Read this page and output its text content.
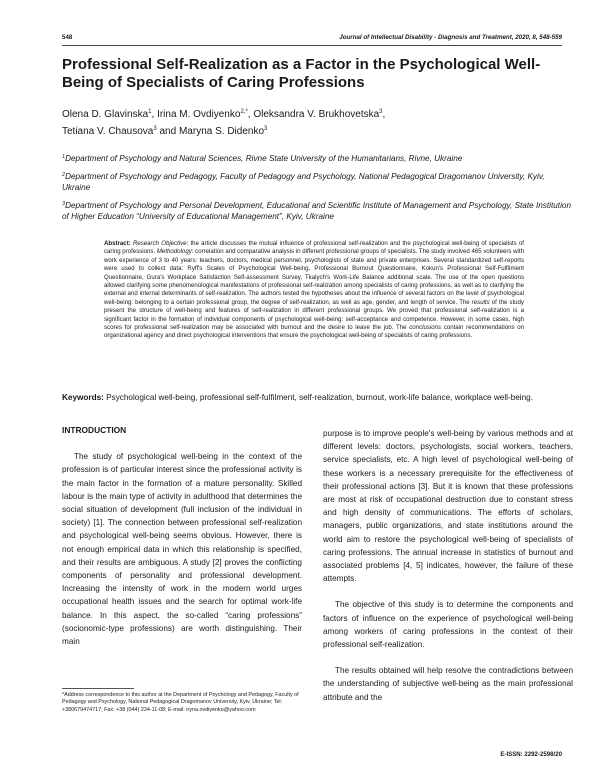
548	Journal of Intellectual Disability - Diagnosis and Treatment, 2020, 8, 548-559
Professional Self-Realization as a Factor in the Psychological Well-Being of Specialists of Caring Professions
Olena D. Glavinska$^1$, Irina M. Ovdiyenko$^{2,*}$, Oleksandra V. Brukhovetska$^3$,
Tetiana V. Chausova$^3$ and Maryna S. Didenko$^3$

$^1$Department of Psychology and Natural Sciences, Rivne State University of the Humanitarians, Rivne, Ukraine

$^2$Department of Psychology and Pedagogy, Faculty of Pedagogy and Psychology, National Pedagogical Dragomanov University, Kyiv, Ukraine

$^3$Department of Psychology and Personal Development, Educational and Scientific Institute of Management and Psychology, State Institution of Higher Education “University of Educational Management”, Kyiv, Ukraine

Abstract: Research Objective: the article discusses the mutual influence of professional self-realization and the psychological well-being of specialists of caring professions. Methodology: correlation and comparative analysis in different professional groups of specialists. The study involved 465 volunteers with work experience of 3 to 40 years: teachers, doctors, medical personnel, psychologists of state and private enterprises. Several standardized self-reports were used to collect data: Ryff's Scales of Psychological Well-being, Professional Burnout Questionnaire, Kokun's Professional Self-Fulfilment Questionnaire, Gura's Workplace Satisfaction Self-assessment Survey, Tkalych's Work-Life Balance additional scale. The use of the open questions allowed clarifying some phenomenological manifestations of professional self-realization among specialists of caring professions, as well as to clarifying the external and internal determinants of self-realization. The authors tested the hypotheses about the influence of several factors on the level of psychological well-being: belonging to a certain professional group, the degree of self-realization, as well as age, gender, and length of service. The results of the study present the structure of well-being and features of self-realization in different professional groups. We proved that professional self-realization is a significant factor in the formation of individual components of psychological well-being: self-acceptance and competence. However, in some cases, high scores for professional self-realization may be associated with burnout and the desire to leave the job. The conclusions contain recommendations on organizational agency and direct psychological interventions that ensure the psychological well-being of specialists of caring professions.
Keywords: Psychological well-being, professional self-fulfilment, self-realization, burnout, work-life balance, workplace well-being.
INTRODUCTION

The study of psychological well-being in the context of the profession is of particular interest since the professional activity is the main factor in the formation of a mature personality. Skilled labour is the main type of activity in adulthood that determines the social situation of development (full inclusion of the individual in society) [1]. The connection between professional self-realization and psychological well-being seems obvious. However, there is not enough empirical data in which this relationship is specified, and their results are ambiguous. A study [2] proves the conflicting components of personality and professional development. Increasing the intensity of work in the modern world urges occupational health issues and the search for optimal work-life balance. In this aspect, the so-called “caring professions” (socionomic-type professions) are worth distinguishing. Their main

purpose is to improve people's well-being by various methods and at different levels: doctors, psychologists, social workers, teachers, service specialists, etc. A high level of psychological well-being of these workers is a necessary prerequisite for the effectiveness of their professional actions [3]. But it is known that these professions are most at risk of occupational destruction due to constant stress and high density of communications. The efforts of scholars, managers, public organizations, and state institutions around the world aim to restore the psychological well-being of specialists of caring professions. The annual increase in statistics of burnout and associated problems [4, 5] indicates, however, the failure of these attempts.

The objective of this study is to determine the components and factors of influence on the experience of psychological well-being among workers of caring professions in the context of their professional self-realization.

The results obtained will help resolve the contradictions between the understanding of subjective well-being as the main professional attribute and the

*Address correspondence to this author at the Department of Psychology and Pedagogy, Faculty of Pedagogy and Psychology, National Pedagogical Dragomanov University, Kyiv, Ukraine; Tel: +380679474717; Fax: +38 (044) 234-11-08; E-mail: iryna.ovdiyenko@yahoo.com
E-ISSN: 2292-2598/20
